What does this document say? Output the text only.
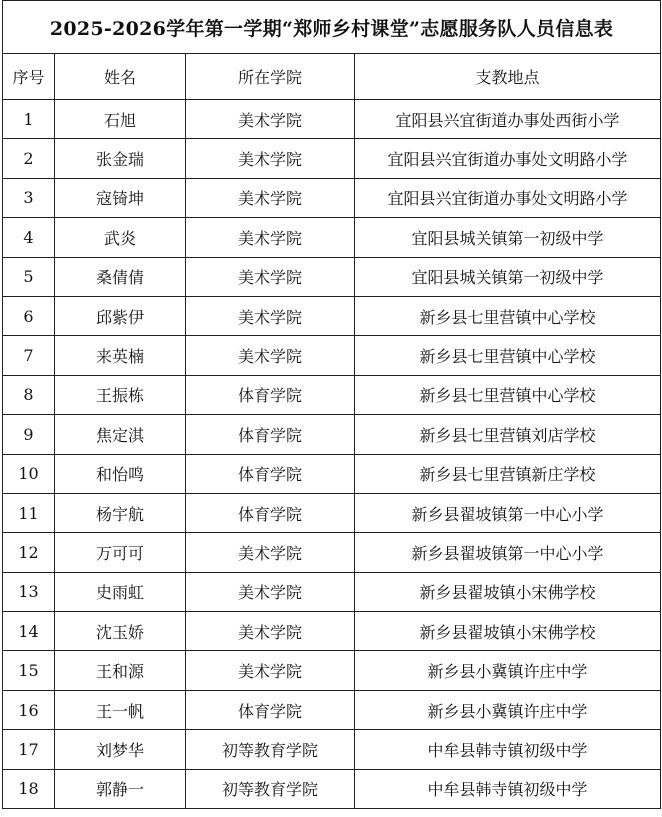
2025-2026学年第一学期“郑师乡村课堂”志愿服务队人员信息表			
序号	姓名	所在学院	支教地点
1	石旭	美术学院	宜阳县兴宜街道办事处西街小学
2	张金瑞	美术学院	宜阳县兴宜街道办事处文明路小学
3	寇锜坤	美术学院	宜阳县兴宜街道办事处文明路小学
4	武炎	美术学院	宜阳县城关镇第一初级中学
5	桑倩倩	美术学院	宜阳县城关镇第一初级中学
6	邱紫伊	美术学院	新乡县七里营镇中心学校
7	来英楠	美术学院	新乡县七里营镇中心学校
8	王振栋	体育学院	新乡县七里营镇中心学校
9	焦定淇	体育学院	新乡县七里营镇刘店学校
10	和怡鸣	体育学院	新乡县七里营镇新庄学校
11	杨宇航	体育学院	新乡县翟坡镇第一中心小学
12	万可可	美术学院	新乡县翟坡镇第一中心小学
13	史雨虹	美术学院	新乡县翟坡镇小宋佛学校
14	沈玉娇	美术学院	新乡县翟坡镇小宋佛学校
15	王和源	美术学院	新乡县小冀镇许庄中学
16	王一帆	体育学院	新乡县小冀镇许庄中学
17	刘梦华	初等教育学院	中牟县韩寺镇初级中学
18	郭静一	初等教育学院	中牟县韩寺镇初级中学
